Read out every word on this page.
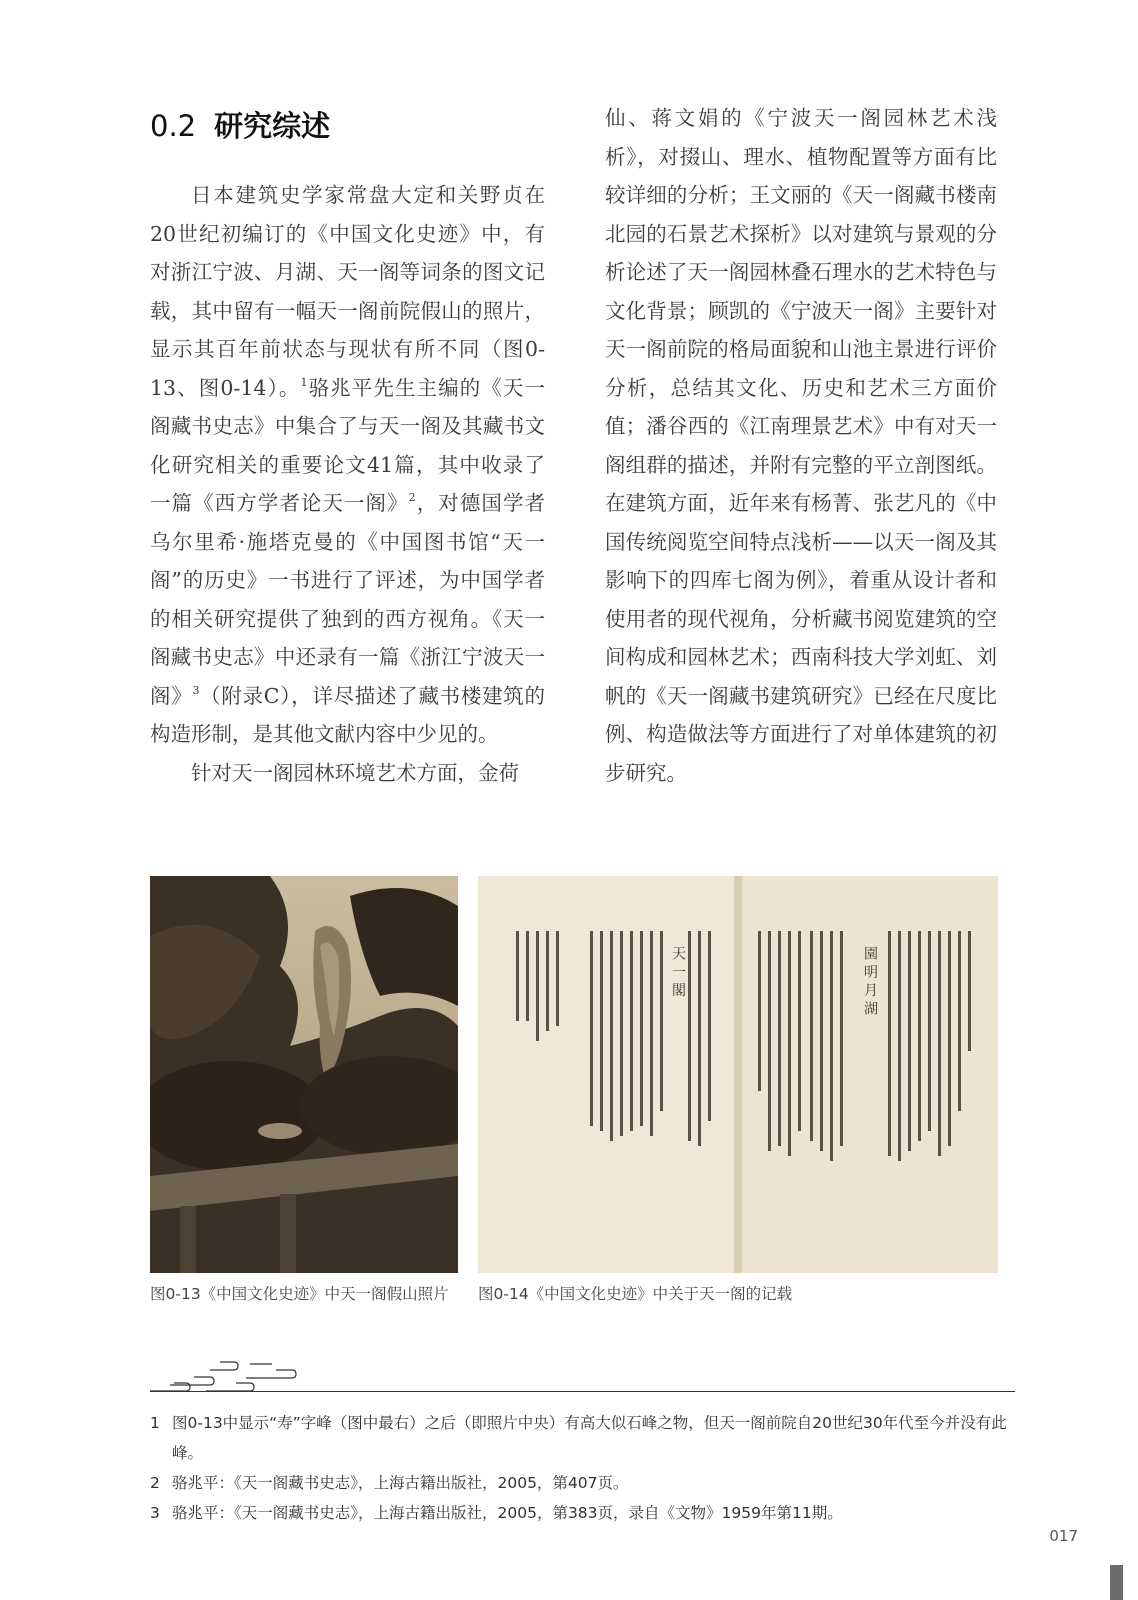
0.2 研究综述

日本建筑史学家常盘大定和关野贞在20世纪初编订的《中国文化史迹》中，有对浙江宁波、月湖、天一阁等词条的图文记载，其中留有一幅天一阁前院假山的照片，显示其百年前状态与现状有所不同（图0-13、图0-14）。$^1$骆兆平先生主编的《天一阁藏书史志》中集合了与天一阁及其藏书文化研究相关的重要论文41篇，其中收录了一篇《西方学者论天一阁》$^2$，对德国学者乌尔里希·施塔克曼的《中国图书馆“天一阁”的历史》一书进行了评述，为中国学者的相关研究提供了独到的西方视角。《天一阁藏书史志》中还录有一篇《浙江宁波天一阁》$^3$（附录C），详尽描述了藏书楼建筑的构造形制，是其他文献内容中少见的。

针对天一阁园林环境艺术方面，金荷

仙、蒋文娟的《宁波天一阁园林艺术浅析》，对掇山、理水、植物配置等方面有比较详细的分析；王文丽的《天一阁藏书楼南北园的石景艺术探析》以对建筑与景观的分析论述了天一阁园林叠石理水的艺术特色与文化背景；顾凯的《宁波天一阁》主要针对天一阁前院的格局面貌和山池主景进行评价分析，总结其文化、历史和艺术三方面价值；潘谷西的《江南理景艺术》中有对天一阁组群的描述，并附有完整的平立剖图纸。在建筑方面，近年来有杨菁、张艺凡的《中国传统阅览空间特点浅析——以天一阁及其影响下的四库七阁为例》，着重从设计者和使用者的现代视角，分析藏书阅览建筑的空间构成和园林艺术；西南科技大学刘虹、刘帆的《天一阁藏书建筑研究》已经在尺度比例、构造做法等方面进行了对单体建筑的初步研究。

天 一 閣	園 明 月 湖
图0-13《中国文化史迹》中天一阁假山照片	图0-14《中国文化史迹》中关于天一阁的记载

1 图0-13中显示“寿”字峰（图中最右）之后（即照片中央）有高大似石峰之物，但天一阁前院自20世纪30年代至今并没有此峰。

2 骆兆平：《天一阁藏书史志》，上海古籍出版社，2005，第407页。

3 骆兆平：《天一阁藏书史志》，上海古籍出版社，2005，第383页，录自《文物》1959年第11期。

017
